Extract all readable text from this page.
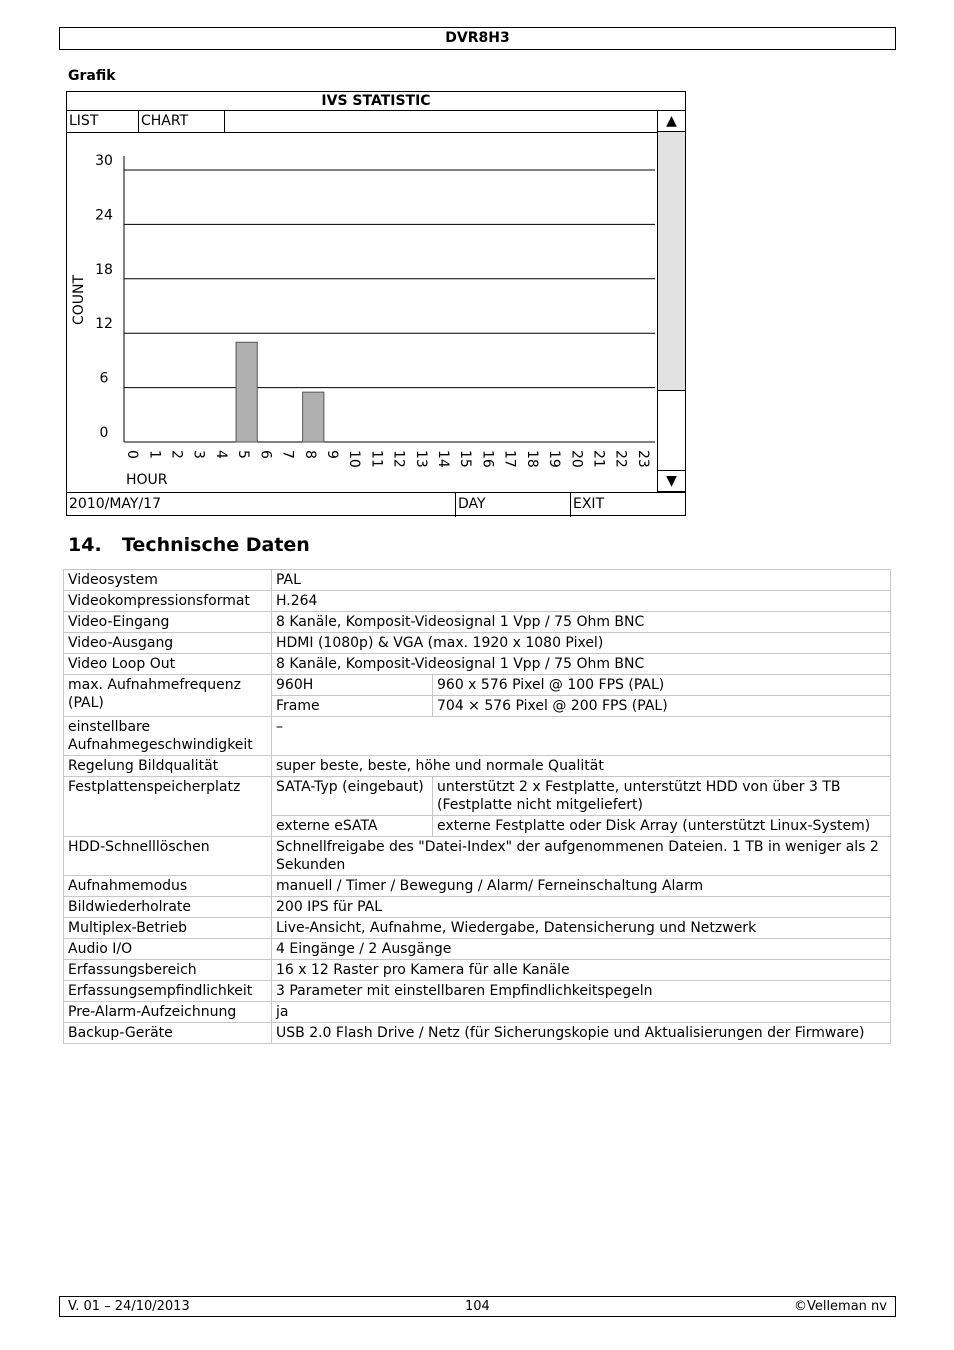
DVR8H3
Grafik
IVS STATISTIC
LIST	CHART	▲
▼
0
6
12
18
24
30
0 1 2 3 4 5 6 7 8 9 10 11 12 13 14 15 16 17 18 19 20 21 22 23
HOUR
COUNT
2010/MAY/17	DAY	EXIT
14. Technische Daten
Videosystem	PAL	
Videokompressionsformat	H.264	
Video-Eingang	8 Kanäle, Komposit-Videosignal 1 Vpp / 75 Ohm BNC	
Video-Ausgang	HDMI (1080p) & VGA (max. 1920 x 1080 Pixel)	
Video Loop Out	8 Kanäle, Komposit-Videosignal 1 Vpp / 75 Ohm BNC	
max. Aufnahmefrequenz (PAL)	960H	960 x 576 Pixel @ 100 FPS (PAL)
	Frame	704 × 576 Pixel @ 200 FPS (PAL)
einstellbare Aufnahmegeschwindigkeit	–	
Regelung Bildqualität	super beste, beste, höhe und normale Qualität	
Festplattenspeicherplatz	SATA-Typ (eingebaut)	unterstützt 2 x Festplatte, unterstützt HDD von über 3 TB (Festplatte nicht mitgeliefert)
	externe eSATA	externe Festplatte oder Disk Array (unterstützt Linux-System)
HDD-Schnelllöschen	Schnellfreigabe des "Datei-Index" der aufgenommenen Dateien. 1 TB in weniger als 2 Sekunden	
Aufnahmemodus	manuell / Timer / Bewegung / Alarm/ Ferneinschaltung Alarm	
Bildwiederholrate	200 IPS für PAL	
Multiplex-Betrieb	Live-Ansicht, Aufnahme, Wiedergabe, Datensicherung und Netzwerk	
Audio I/O	4 Eingänge / 2 Ausgänge	
Erfassungsbereich	16 x 12 Raster pro Kamera für alle Kanäle	
Erfassungsempfindlichkeit	3 Parameter mit einstellbaren Empfindlichkeitspegeln	
Pre-Alarm-Aufzeichnung	ja	
Backup-Geräte	USB 2.0 Flash Drive / Netz (für Sicherungskopie und Aktualisierungen der Firmware)	
V. 01 – 24/10/2013	104	©Velleman nv
